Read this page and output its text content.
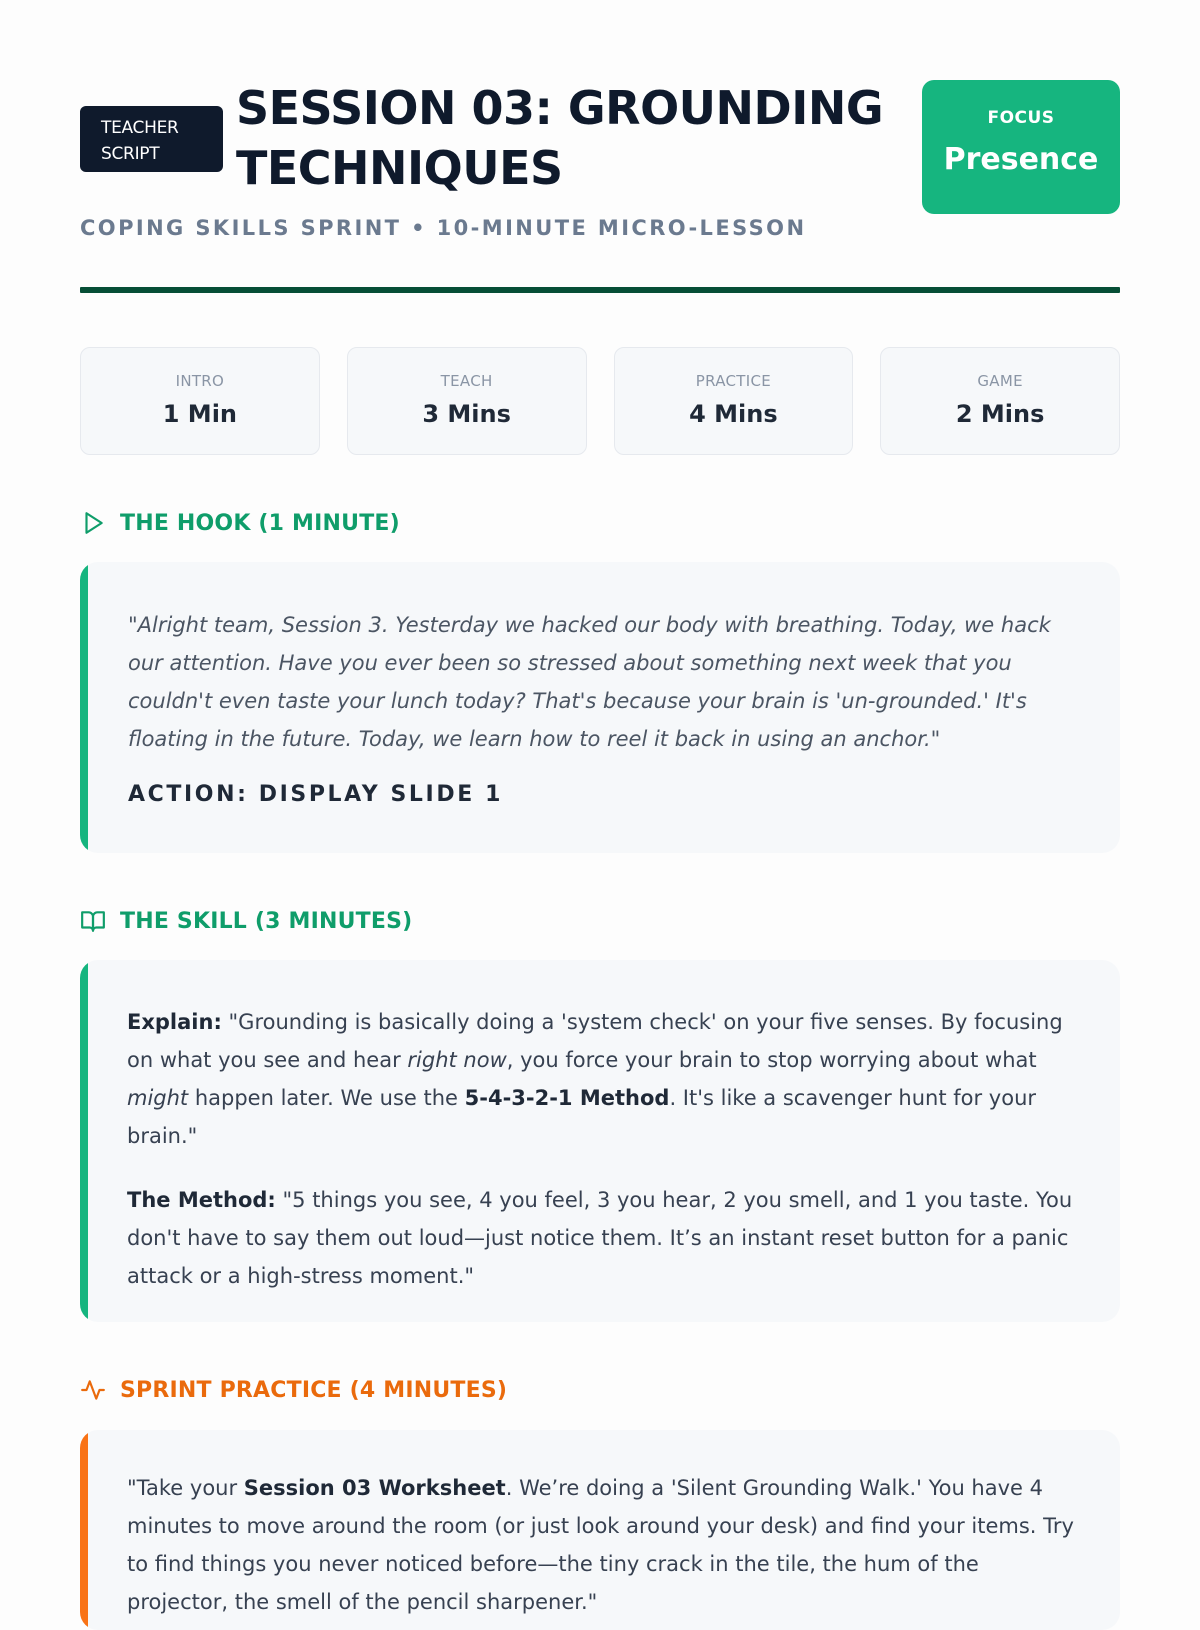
TEACHER
SCRIPT
SESSION 03: GROUNDING TECHNIQUES
FOCUS
Presence
COPING SKILLS SPRINT • 10-MINUTE MICRO-LESSON
INTRO
1 Min
TEACH
3 Mins
PRACTICE
4 Mins
GAME
2 Mins
THE HOOK (1 MINUTE)

"Alright team, Session 3. Yesterday we hacked our body with breathing. Today, we hack our attention. Have you ever been so stressed about something next week that you couldn't even taste your lunch today? That's because your brain is 'un-grounded.' It's floating in the future. Today, we learn how to reel it back in using an anchor."

ACTION: DISPLAY SLIDE 1
THE SKILL (3 MINUTES)

Explain: "Grounding is basically doing a 'system check' on your five senses. By focusing on what you see and hear right now, you force your brain to stop worrying about what might happen later. We use the 5-4-3-2-1 Method. It's like a scavenger hunt for your brain."

The Method: "5 things you see, 4 you feel, 3 you hear, 2 you smell, and 1 you taste. You don't have to say them out loud—just notice them. It’s an instant reset button for a panic attack or a high-stress moment."

SPRINT PRACTICE (4 MINUTES)

"Take your Session 03 Worksheet. We’re doing a 'Silent Grounding Walk.' You have 4 minutes to move around the room (or just look around your desk) and find your items. Try to find things you never noticed before—the tiny crack in the tile, the hum of the projector, the smell of the pencil sharpener."
